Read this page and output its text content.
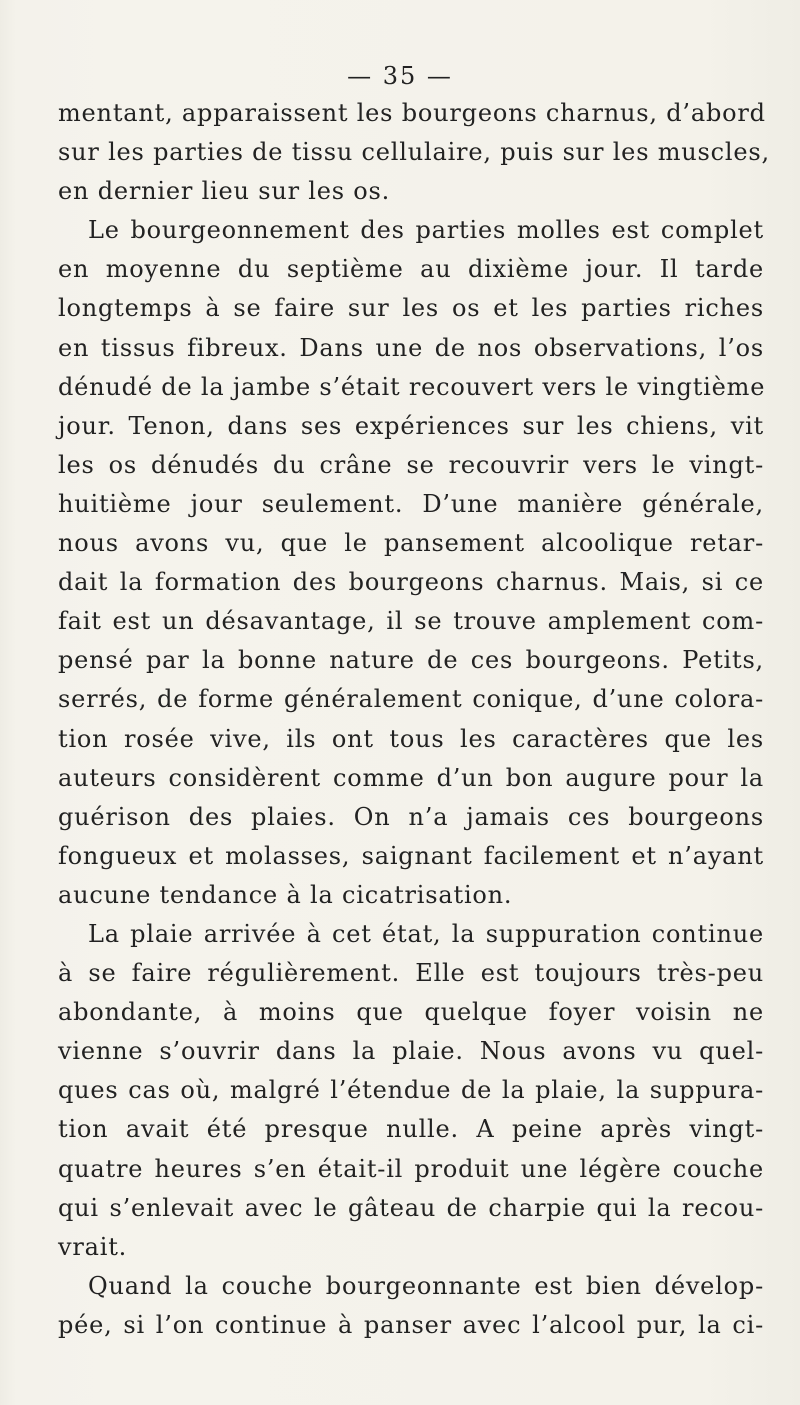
— 35 —
mentant, apparaissent les bourgeons charnus, d’abord
sur les parties de tissu cellulaire, puis sur les muscles,
en dernier lieu sur les os.
Le bourgeonnement des parties molles est complet
en moyenne du septième au dixième jour. Il tarde
longtemps à se faire sur les os et les parties riches
en tissus fibreux. Dans une de nos observations, l’os
dénudé de la jambe s’était recouvert vers le vingtième
jour. Tenon, dans ses expériences sur les chiens, vit
les os dénudés du crâne se recouvrir vers le vingt-
huitième jour seulement. D’une manière générale,
nous avons vu, que le pansement alcoolique retar-
dait la formation des bourgeons charnus. Mais, si ce
fait est un désavantage, il se trouve amplement com-
pensé par la bonne nature de ces bourgeons. Petits,
serrés, de forme généralement conique, d’une colora-
tion rosée vive, ils ont tous les caractères que les
auteurs considèrent comme d’un bon augure pour la
guérison des plaies. On n’a jamais ces bourgeons
fongueux et molasses, saignant facilement et n’ayant
aucune tendance à la cicatrisation.
La plaie arrivée à cet état, la suppuration continue
à se faire régulièrement. Elle est toujours très-peu
abondante, à moins que quelque foyer voisin ne
vienne s’ouvrir dans la plaie. Nous avons vu quel-
ques cas où, malgré l’étendue de la plaie, la suppura-
tion avait été presque nulle. A peine après vingt-
quatre heures s’en était-il produit une légère couche
qui s’enlevait avec le gâteau de charpie qui la recou-
vrait.
Quand la couche bourgeonnante est bien dévelop-
pée, si l’on continue à panser avec l’alcool pur, la ci-
